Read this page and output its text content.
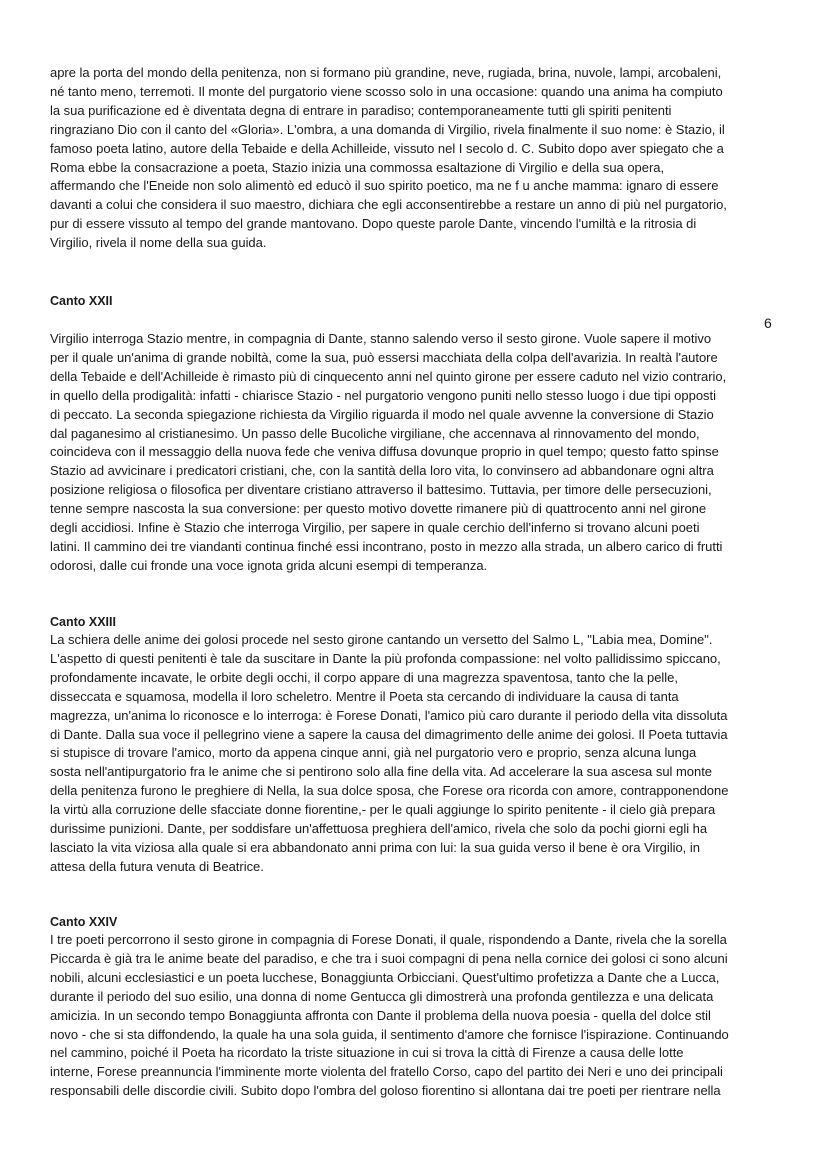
apre la porta del mondo della penitenza, non si formano più grandine, neve, rugiada, brina, nuvole, lampi, arcobaleni,
né tanto meno, terremoti. Il monte del purgatorio viene scosso solo in una occasione: quando una anima ha compiuto
la sua purificazione ed è diventata degna di entrare in paradiso; contemporaneamente tutti gli spiriti penitenti
ringraziano Dio con il canto del «Gloria». L'ombra, a una domanda di Virgilio, rivela finalmente il suo nome: è Stazio, il
famoso poeta latino, autore della Tebaide e della Achilleide, vissuto nel I secolo d. C. Subito dopo aver spiegato che a
Roma ebbe la consacrazione a poeta, Stazio inizia una commossa esaltazione di Virgilio e della sua opera,
affermando che l'Eneide non solo alimentò ed educò il suo spirito poetico, ma ne f u anche mamma: ignaro di essere
davanti a colui che considera il suo maestro, dichiara che egli acconsentirebbe a restare un anno di più nel purgatorio,
pur di essere vissuto al tempo del grande mantovano. Dopo queste parole Dante, vincendo l'umiltà e la ritrosia di
Virgilio, rivela il nome della sua guida.

Canto XXII

6

Virgilio interroga Stazio mentre, in compagnia di Dante, stanno salendo verso il sesto girone. Vuole sapere il motivo
per il quale un'anima di grande nobiltà, come la sua, può essersi macchiata della colpa dell'avarizia. In realtà l'autore
della Tebaide e dell'Achilleide è rimasto più di cinquecento anni nel quinto girone per essere caduto nel vizio contrario,
in quello della prodigalità: infatti - chiarisce Stazio - nel purgatorio vengono puniti nello stesso luogo i due tipi opposti
di peccato. La seconda spiegazione richiesta da Virgilio riguarda il modo nel quale avvenne la conversione di Stazio
dal paganesimo al cristianesimo. Un passo delle Bucoliche virgiliane, che accennava al rinnovamento del mondo,
coincideva con il messaggio della nuova fede che veniva diffusa dovunque proprio in quel tempo; questo fatto spinse
Stazio ad avvicinare i predicatori cristiani, che, con la santità della loro vita, lo convinsero ad abbandonare ogni altra
posizione religiosa o filosofica per diventare cristiano attraverso il battesimo. Tuttavia, per timore delle persecuzioni,
tenne sempre nascosta la sua conversione: per questo motivo dovette rimanere più di quattrocento anni nel girone
degli accidiosi. Infine è Stazio che interroga Virgilio, per sapere in quale cerchio dell'inferno si trovano alcuni poeti
latini. Il cammino dei tre viandanti continua finché essi incontrano, posto in mezzo alla strada, un albero carico di frutti
odorosi, dalle cui fronde una voce ignota grida alcuni esempi di temperanza.

Canto XXIII

La schiera delle anime dei golosi procede nel sesto girone cantando un versetto del Salmo L, "Labia mea, Domine".
L'aspetto di questi penitenti è tale da suscitare in Dante la più profonda compassione: nel volto pallidissimo spiccano,
profondamente incavate, le orbite degli occhi, il corpo appare di una magrezza spaventosa, tanto che la pelle,
disseccata e squamosa, modella il loro scheletro. Mentre il Poeta sta cercando di individuare la causa di tanta
magrezza, un'anima lo riconosce e lo interroga: è Forese Donati, l'amico più caro durante il periodo della vita dissoluta
di Dante. Dalla sua voce il pellegrino viene a sapere la causa del dimagrimento delle anime dei golosi. Il Poeta tuttavia
si stupisce di trovare l'amico, morto da appena cinque anni, già nel purgatorio vero e proprio, senza alcuna lunga
sosta nell'antipurgatorio fra le anime che si pentirono solo alla fine della vita. Ad accelerare la sua ascesa sul monte
della penitenza furono le preghiere di Nella, la sua dolce sposa, che Forese ora ricorda con amore, contrapponendone
la virtù alla corruzione delle sfacciate donne fiorentine,- per le quali aggiunge lo spirito penitente - il cielo già prepara
durissime punizioni. Dante, per soddisfare un'affettuosa preghiera dell'amico, rivela che solo da pochi giorni egli ha
lasciato la vita viziosa alla quale si era abbandonato anni prima con lui: la sua guida verso il bene è ora Virgilio, in
attesa della futura venuta di Beatrice.

Canto XXIV

I tre poeti percorrono il sesto girone in compagnia di Forese Donati, il quale, rispondendo a Dante, rivela che la sorella
Piccarda è già tra le anime beate del paradiso, e che tra i suoi compagni di pena nella cornice dei golosi ci sono alcuni
nobili, alcuni ecclesiastici e un poeta lucchese, Bonaggiunta Orbicciani. Quest'ultimo profetizza a Dante che a Lucca,
durante il periodo del suo esilio, una donna di nome Gentucca gli dimostrerà una profonda gentilezza e una delicata
amicizia. In un secondo tempo Bonaggiunta affronta con Dante il problema della nuova poesia - quella del dolce stil
novo - che si sta diffondendo, la quale ha una sola guida, il sentimento d'amore che fornisce l'ispirazione. Continuando
nel cammino, poiché il Poeta ha ricordato la triste situazione in cui si trova la città di Firenze a causa delle lotte
interne, Forese preannuncia l'imminente morte violenta del fratello Corso, capo del partito dei Neri e uno dei principali
responsabili delle discordie civili. Subito dopo l'ombra del goloso fiorentino si allontana dai tre poeti per rientrare nella
